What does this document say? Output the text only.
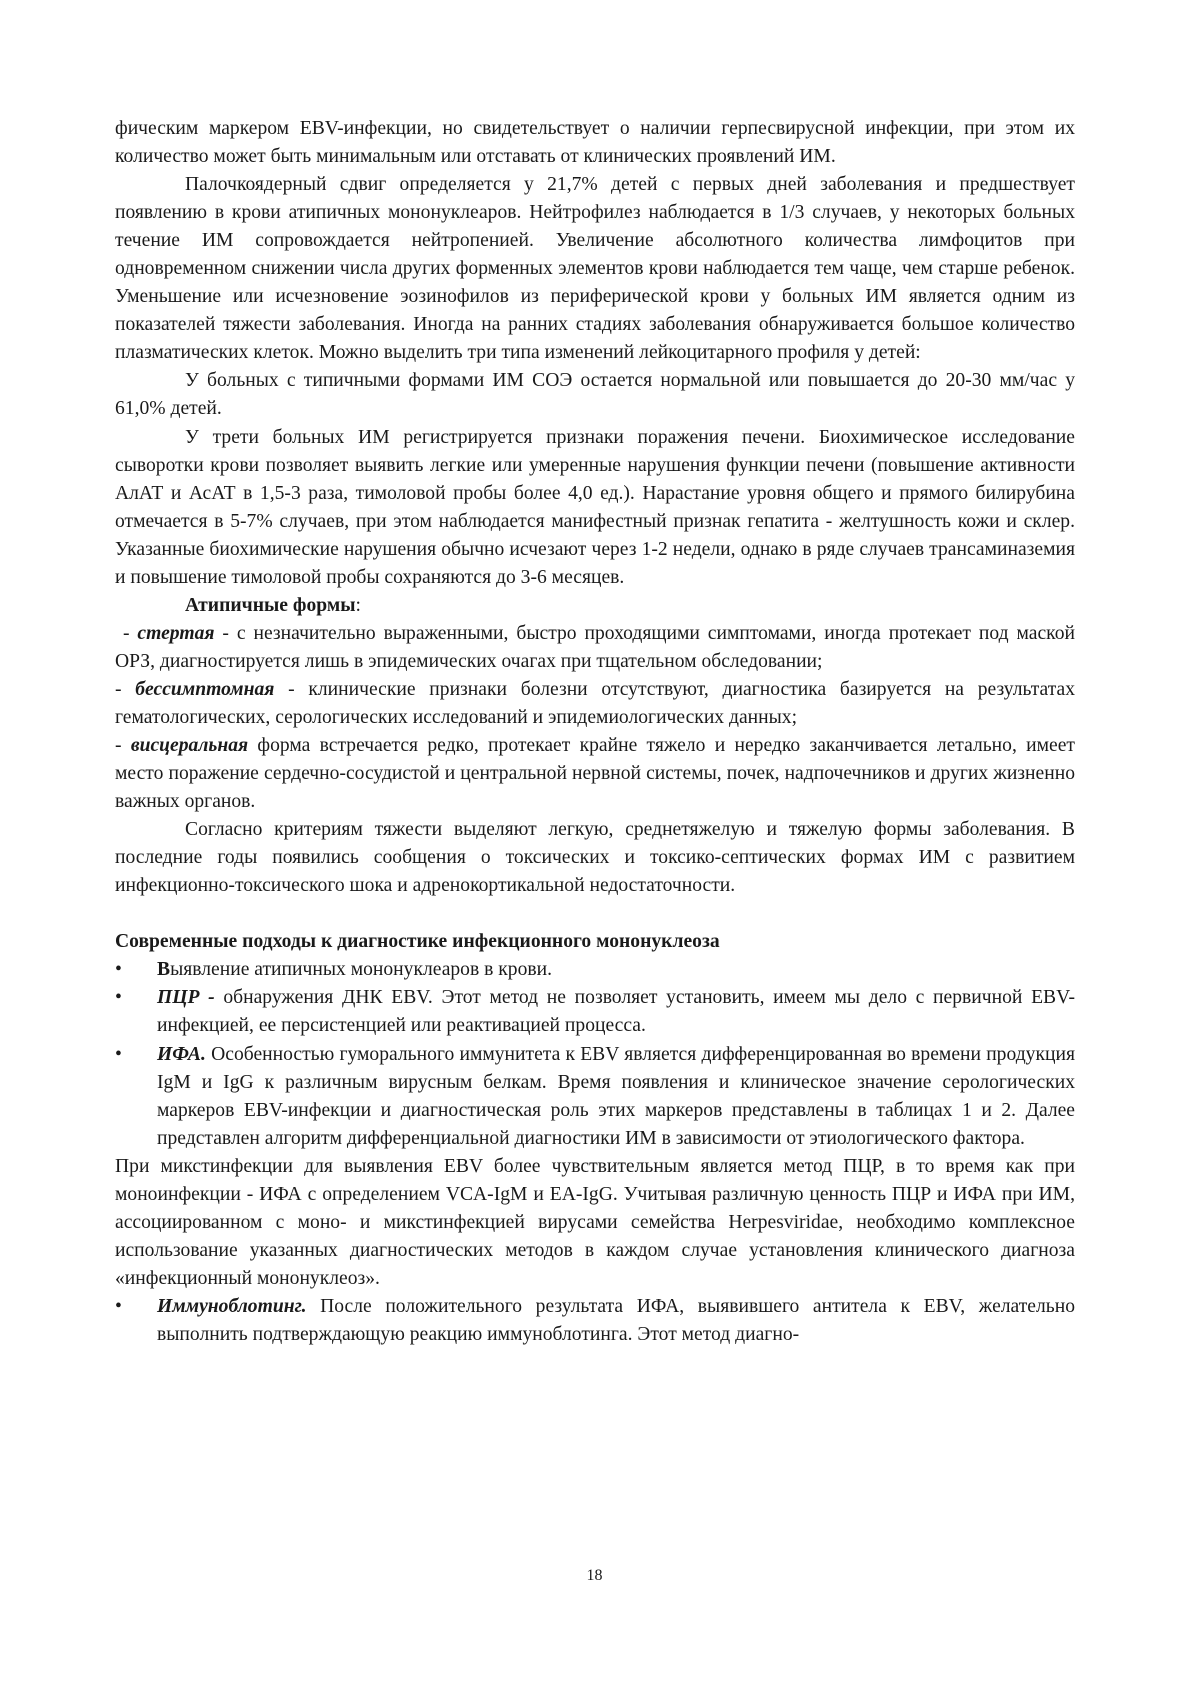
фическим маркером EBV-инфекции, но свидетельствует о наличии герпесвирусной инфекции, при этом их количество может быть минимальным или отставать от клинических проявлений ИМ.

Палочкоядерный сдвиг определяется у 21,7% детей с первых дней заболевания и предшествует появлению в крови атипичных мононуклеаров. Нейтрофилез наблюдается в 1/3 случаев, у некоторых больных течение ИМ сопровождается нейтропенией. Увеличение абсолютного количества лимфоцитов при одновременном снижении числа других форменных элементов крови наблюдается тем чаще, чем старше ребенок. Уменьшение или исчезновение эозинофилов из периферической крови у больных ИМ является одним из показателей тяжести заболевания. Иногда на ранних стадиях заболевания обнаруживается большое количество плазматических клеток. Можно выделить три типа изменений лейкоцитарного профиля у детей:

У больных с типичными формами ИМ СОЭ остается нормальной или повышается до 20-30 мм/час у 61,0% детей.

У трети больных ИМ регистрируется признаки поражения печени. Биохимическое исследование сыворотки крови позволяет выявить легкие или умеренные нарушения функции печени (повышение активности АлАТ и АсАТ в 1,5-3 раза, тимоловой пробы более 4,0 ед.). Нарастание уровня общего и прямого билирубина отмечается в 5-7% случаев, при этом наблюдается манифестный признак гепатита - желтушность кожи и склер. Указанные биохимические нарушения обычно исчезают через 1-2 недели, однако в ряде случаев трансаминаземия и повышение тимоловой пробы сохраняются до 3-6 месяцев.

Атипичные формы:

- стертая - с незначительно выраженными, быстро проходящими симптомами, иногда протекает под маской ОРЗ, диагностируется лишь в эпидемических очагах при тщательном обследовании;

- бессимптомная - клинические признаки болезни отсутствуют, диагностика базируется на результатах гематологических, серологических исследований и эпидемиологических данных;

- висцеральная форма встречается редко, протекает крайне тяжело и нередко заканчивается летально, имеет место поражение сердечно-сосудистой и центральной нервной системы, почек, надпочечников и других жизненно важных органов.

Согласно критериям тяжести выделяют легкую, среднетяжелую и тяжелую формы заболевания. В последние годы появились сообщения о токсических и токсико-септических формах ИМ с развитием инфекционно-токсического шока и адренокортикальной недостаточности.

Современные подходы к диагностике инфекционного мононуклеоза

•	Выявление атипичных мононуклеаров в крови.
•	ПЦР - обнаружения ДНК EBV. Этот метод не позволяет установить, имеем мы дело с первичной EBV-инфекцией, ее персистенцией или реактивацией процесса.
•	ИФА. Особенностью гуморального иммунитета к EBV является дифференцированная во времени продукция IgM и IgG к различным вирусным белкам. Время появления и клиническое значение серологических маркеров EBV-инфекции и диагностическая роль этих маркеров представлены в таблицах 1 и 2. Далее представлен алгоритм дифференциальной диагностики ИМ в зависимости от этиологического фактора.

При микстинфекции для выявления EBV более чувствительным является метод ПЦР, в то время как при моноинфекции - ИФА с определением VCA-IgM и EA-IgG. Учитывая различную ценность ПЦР и ИФА при ИМ, ассоциированном с моно- и микстинфекцией вирусами семейства Herpesviridae, необходимо комплексное использование указанных диагностических методов в каждом случае установления клинического диагноза «инфекционный мононуклеоз».

•	Иммуноблотинг. После положительного результата ИФА, выявившего антитела к EBV, желательно выполнить подтверждающую реакцию иммуноблотинга. Этот метод диагно-
18
